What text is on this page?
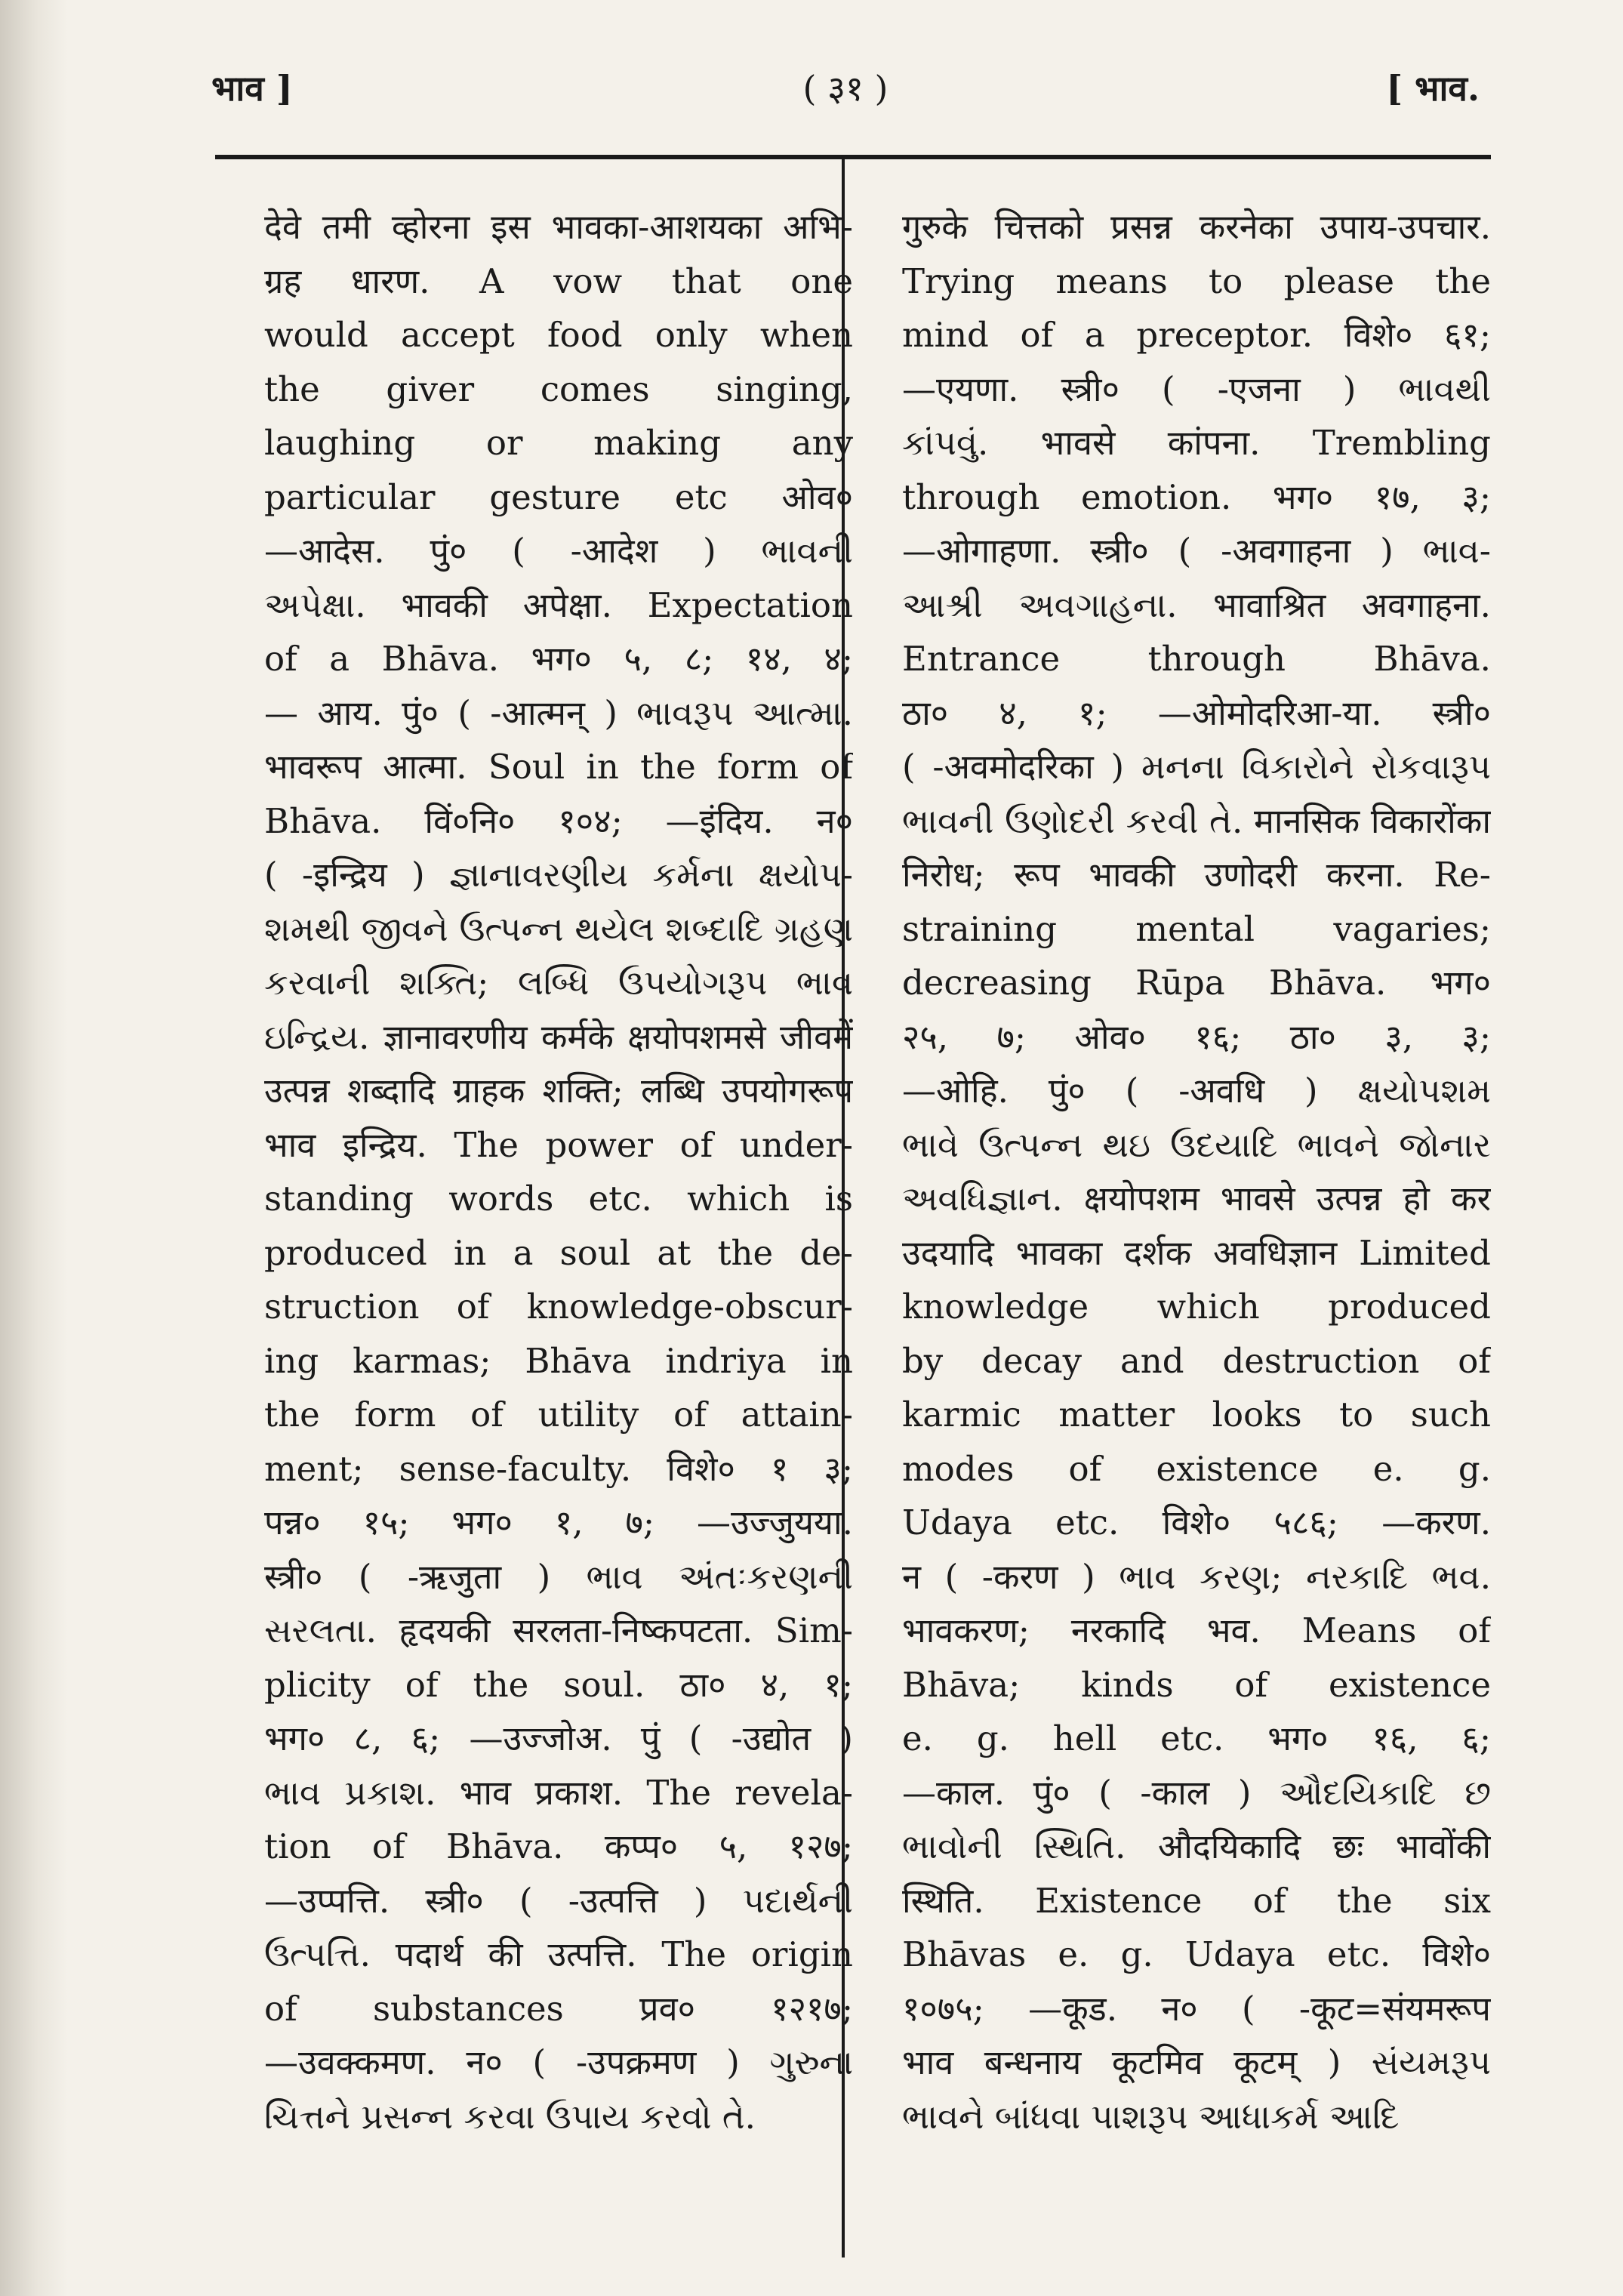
भाव ]	( ३१ )	[ भाव.
देवे तमी व्होरना इस भावका-आशयका अभि-
ग्रह धारण. A vow that one
would accept food only when
the giver comes singing,
laughing or making any
particular gesture etc ओव०
—आदेस. पुं० ( -आदेश ) ભાવની
અપેક્ષા. भावकी अपेक्षा. Expectation
of a Bhāva. भग० ५, ८; १४, ४;
— आय. पुं० ( -आत्मन् ) ભાવરૂપ આત્મા.
भावरूप आत्मा. Soul in the form of
Bhāva. विं०नि० १०४; —इंदिय. न०
( -इन्द्रिय ) જ્ઞાનાવરણીય કર્મના ક્ષયોપ-
શમથી જીવને ઉત્પન્ન થયેલ શબ્દાદિ ગ્રહણ
કરવાની શક્તિ; લબ્ધિ ઉપયોગરૂપ ભાવ
ઇન્દ્રિય. ज्ञानावरणीय कर्मके क्षयोपशमसे जीवमें
उत्पन्न शब्दादि ग्राहक शक्ति; लब्धि उपयोगरूप
भाव इन्द्रिय. The power of under-
standing words etc. which is
produced in a soul at the de-
struction of knowledge-obscur-
ing karmas; Bhāva indriya in
the form of utility of attain-
ment; sense-faculty. विशे० १ ३;
पन्न० १५; भग० १, ७; —उज्जुयया.
स्त्री० ( -ऋजुता ) ભાવ અંતઃકરણની
સરલતા. हृदयकी सरलता-निष्कपटता. Sim-
plicity of the soul. ठा० ४, १;
भग० ८, ६; —उज्जोअ. पुं ( -उद्योत )
ભાવ પ્રકાશ. भाव प्रकाश. The revela-
tion of Bhāva. कप्प० ५, १२७;
—उप्पत्ति. स्त्री० ( -उत्पत्ति ) પદાર્થની
ઉત્પત્તિ. पदार्थ की उत्पत्ति. The origin
of substances प्रव० १२१७;
—उवक्कमण. न० ( -उपक्रमण ) ગુરુના
ચિત્તને પ્રસન્ન કરવા ઉપાય કરવો તે.
गुरुके चित्तको प्रसन्न करनेका उपाय-उपचार.
Trying means to please the
mind of a preceptor. विशे० ६१;
—एयणा. स्त्री० ( -एजना ) ભાવથી
કાંપવું. भावसे कांपना. Trembling
through emotion. भग० १७, ३;
—ओगाहणा. स्त्री० ( -अवगाहना ) ભાવ-
આશ્રી અવગાહના. भावाश्रित अवगाहना.
Entrance through Bhāva.
ठा० ४, १; —ओमोदरिआ-या. स्त्री०
( -अवमोदरिका ) મનના વિકારોને રોકવારૂપ
ભાવની ઉણોદરી કરવી તે. मानसिक विकारोंका
निरोध; रूप भावकी उणोदरी करना. Re-
straining mental vagaries;
decreasing Rūpa Bhāva. भग०
२५, ७; ओव० १६; ठा० ३, ३;
—ओहि. पुं० ( -अवधि ) ક્ષયોપશમ
ભાવે ઉત્પન્ન થઇ ઉદયાદિ ભાવને જોનાર
અવધિજ્ઞાન. क्षयोपशम भावसे उत्पन्न हो कर
उदयादि भावका दर्शक अवधिज्ञान Limited
knowledge which produced
by decay and destruction of
karmic matter looks to such
modes of existence e. g.
Udaya etc. विशे० ५८६; —करण.
न ( -करण ) ભાવ કરણ; નરકાદિ ભવ.
भावकरण; नरकादि भव. Means of
Bhāva; kinds of existence
e. g. hell etc. भग० १६, ६;
—काल. पुं० ( -काल ) ઔદયિકાદિ છ
ભાવોની સ્થિતિ. औदयिकादि छः भावोंकी
स्थिति. Existence of the six
Bhāvas e. g. Udaya etc. विशे०
१०७५; —कूड. न० ( -कूट=संयमरूप
भाव बन्धनाय कूटमिव कूटम् ) સંયમરૂપ
ભાવને બાંધવા પાશરૂપ આધાકર્મ આદિ
